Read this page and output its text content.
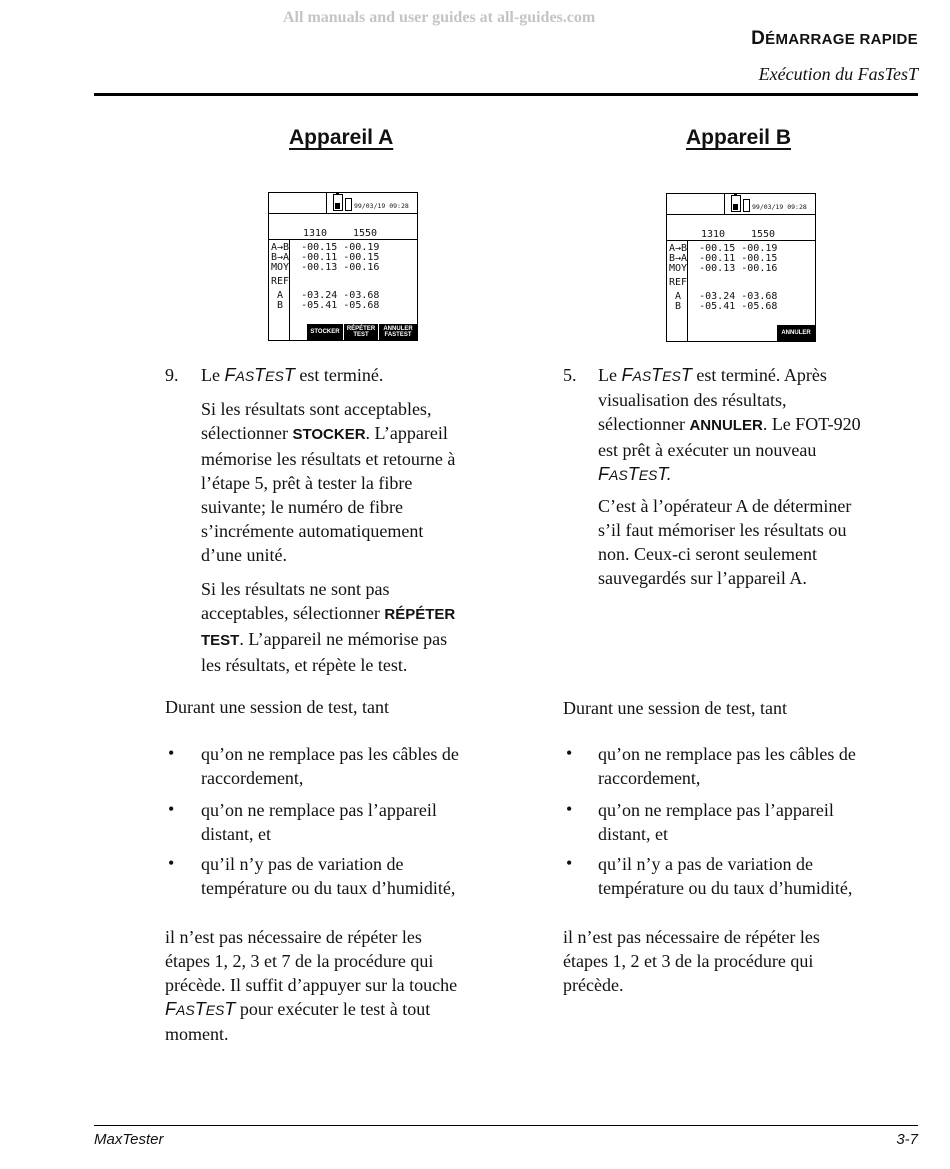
All manuals and user guides at all-guides.com
DÉMARRAGE RAPIDE
Exécution du FasTesT
Appareil A	Appareil B
99/03/19 09:28
1310	1550
A→B -00.15 -00.19
B→A -00.11 -00.15
MOY -00.13 -00.16
REF
A -03.24 -03.68
B -05.41 -05.68
STOCKER	RÉPÉTER TEST
ANNULER FASTEST
99/03/19 09:28
1310	1550
A→B -00.15 -00.19
B→A -00.11 -00.15
MOY -00.13 -00.16
REF
A -03.24 -03.68
B -05.41 -05.68
ANNULER
9. Le FASTEST est terminé.
Si les résultats sont acceptables,
sélectionner STOCKER. L’appareil
mémorise les résultats et retourne à
l’étape 5, prêt à tester la fibre
suivante; le numéro de fibre
s’incrémente automatiquement
d’une unité.
Si les résultats ne sont pas
acceptables, sélectionner RÉPÉTER
TEST. L’appareil ne mémorise pas
les résultats, et répète le test.
Durant une session de test, tant
• qu’on ne remplace pas les câbles de
raccordement,
• qu’on ne remplace pas l’appareil
distant, et
• qu’il n’y pas de variation de
température ou du taux d’humidité,
il n’est pas nécessaire de répéter les
étapes 1, 2, 3 et 7 de la procédure qui
précède. Il suffit d’appuyer sur la touche
FASTEST pour exécuter le test à tout
moment.
5. Le FASTEST est terminé. Après
visualisation des résultats,
sélectionner ANNULER. Le FOT-920
est prêt à exécuter un nouveau
FASTEST.
C’est à l’opérateur A de déterminer
s’il faut mémoriser les résultats ou
non. Ceux-ci seront seulement
sauvegardés sur l’appareil A.
Durant une session de test, tant
• qu’on ne remplace pas les câbles de
raccordement,
• qu’on ne remplace pas l’appareil
distant, et
• qu’il n’y a pas de variation de
température ou du taux d’humidité,
il n’est pas nécessaire de répéter les
étapes 1, 2 et 3 de la procédure qui
précède.
MaxTester	3-7
